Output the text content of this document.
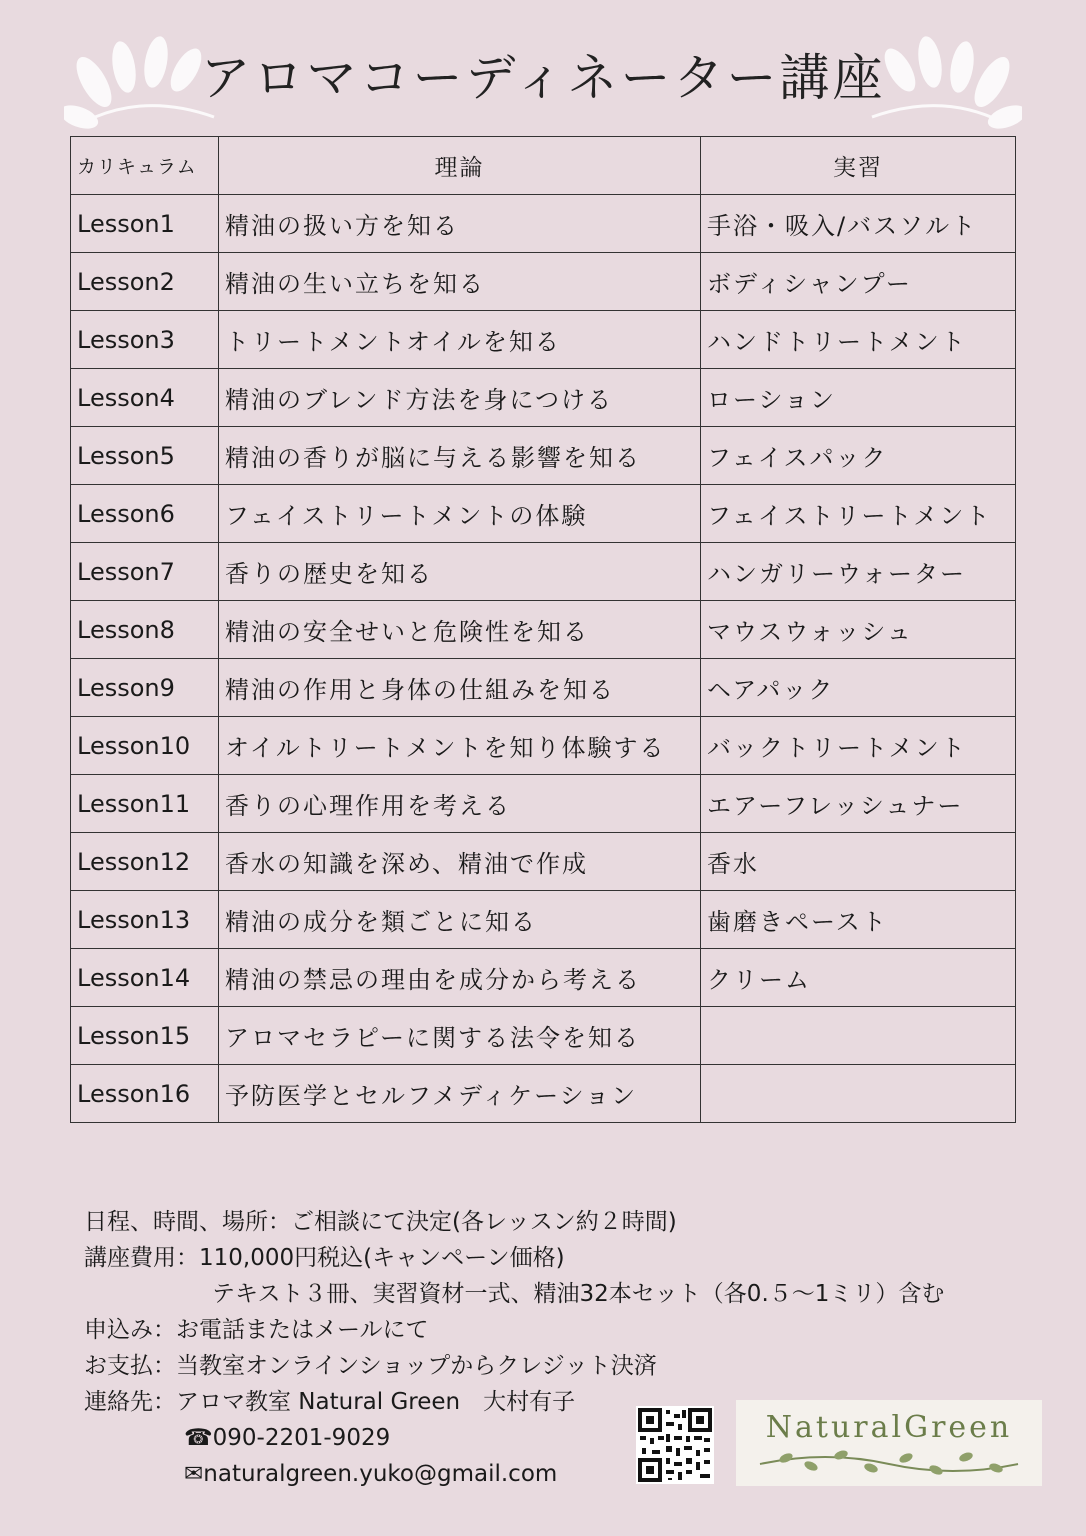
アロマコーディネーター講座
カリキュラム	理論	実習
Lesson1	精油の扱い方を知る	手浴・吸入/バスソルト
Lesson2	精油の生い立ちを知る	ボディシャンプー
Lesson3	トリートメントオイルを知る	ハンドトリートメント
Lesson4	精油のブレンド方法を身につける	ローション
Lesson5	精油の香りが脳に与える影響を知る	フェイスパック
Lesson6	フェイストリートメントの体験	フェイストリートメント
Lesson7	香りの歴史を知る	ハンガリーウォーター
Lesson8	精油の安全せいと危険性を知る	マウスウォッシュ
Lesson9	精油の作用と身体の仕組みを知る	ヘアパック
Lesson10	オイルトリートメントを知り体験する	バックトリートメント
Lesson11	香りの心理作用を考える	エアーフレッシュナー
Lesson12	香水の知識を深め、精油で作成	香水
Lesson13	精油の成分を類ごとに知る	歯磨きペースト
Lesson14	精油の禁忌の理由を成分から考える	クリーム
Lesson15	アロマセラピーに関する法令を知る	
Lesson16	予防医学とセルフメディケーション	
日程、時間、場所：ご相談にて決定(各レッスン約２時間)
講座費用：110,000円税込(キャンペーン価格)
テキスト３冊、実習資材一式、精油32本セット（各0.５～1ミリ）含む
申込み：お電話またはメールにて
お支払：当教室オンラインショップからクレジット決済
連絡先：アロマ教室 Natural Green　大村有子
☎090-2201-9029
✉naturalgreen.yuko@gmail.com
NaturalGreen
